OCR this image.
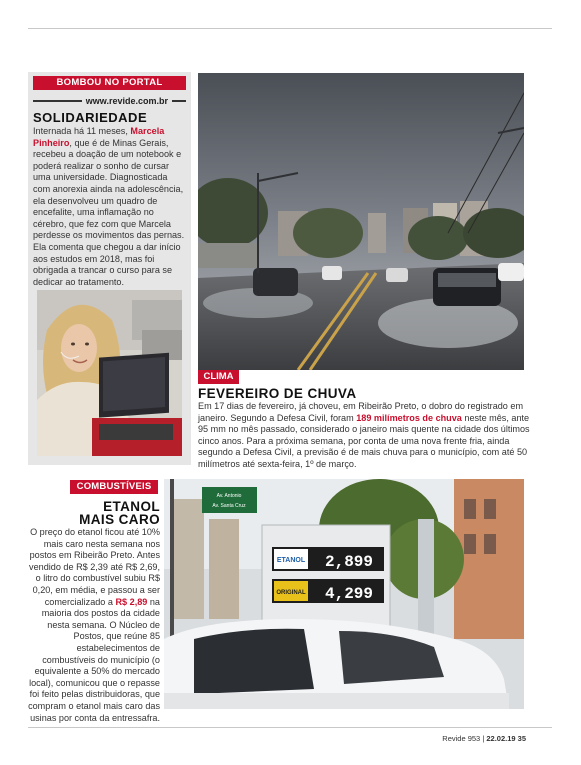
BOMBOU NO PORTAL
www.revide.com.br
SOLIDARIEDADE
Internada há 11 meses, Marcela Pinheiro, que é de Minas Gerais, recebeu a doação de um notebook e poderá realizar o sonho de cursar uma universidade. Diagnosticada com anorexia ainda na adolescência, ela desenvolveu um quadro de encefalite, uma inflamação no cérebro, que fez com que Marcela perdesse os movimentos das pernas. Ela comenta que chegou a dar início aos estudos em 2018, mas foi obrigada a trancar o curso para se dedicar ao tratamento.
CLIMA
FEVEREIRO DE CHUVA
Em 17 dias de fevereiro, já choveu, em Ribeirão Preto, o dobro do registrado em janeiro. Segundo a Defesa Civil, foram 189 milímetros de chuva neste mês, ante 95 mm no mês passado, considerado o janeiro mais quente na cidade dos últimos cinco anos. Para a próxima semana, por conta de uma nova frente fria, ainda segundo a Defesa Civil, a previsão é de mais chuva para o município, com até 50 milímetros até sexta-feira, 1º de março.
COMBUSTÍVEIS
ETANOL
MAIS CARO
O preço do etanol ficou até 10% mais caro nesta semana nos postos em Ribeirão Preto. Antes vendido de R$ 2,39 até R$ 2,69, o litro do combustível subiu R$ 0,20, em média, e passou a ser comercializado a R$ 2,89 na maioria dos postos da cidade nesta semana. O Núcleo de Postos, que reúne 85 estabelecimentos de combustíveis do município (o equivalente a 50% do mercado local), comunicou que o repasse foi feito pelas distribuidoras, que compram o etanol mais caro das usinas por conta da entressafra.
Av. Antonio
Av. Santa Cruz
ETANOL 2,899
ORIGINAL 4,299
Revide 953 | 22.02.19 35
